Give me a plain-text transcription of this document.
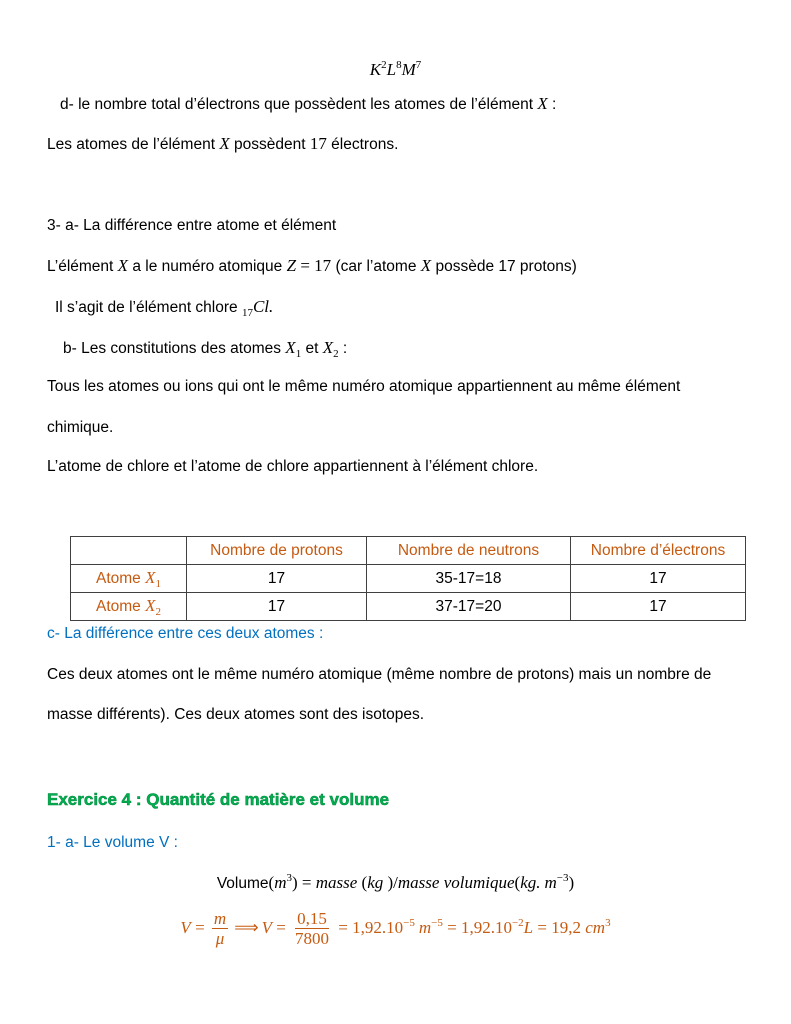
$K^2L^8M^7$
d- le nombre total d’électrons que possèdent les atomes de l’élément X :
Les atomes de l’élément X possèdent 17 électrons.
3- a- La différence entre atome et élément
L’élément X a le numéro atomique Z = 17 (car l’atome X possède 17 protons)
Il s’agit de l’élément chlore $_{17}$Cl.
b- Les constitutions des atomes $X_1$ et $X_2$ :
Tous les atomes ou ions qui ont le même numéro atomique appartiennent au même élément
chimique.
L’atome de chlore et l’atome de chlore appartiennent à l’élément chlore.
	Nombre de protons	Nombre de neutrons	Nombre d’électrons
Atome $X_1$	17	35-17=18	17
Atome $X_2$	17	37-17=20	17
c- La différence entre ces deux atomes :
Ces deux atomes ont le même numéro atomique (même nombre de protons) mais un nombre de
masse différents). Ces deux atomes sont des isotopes.
Exercice 4 : Quantité de matière et volume
1- a- Le volume V :
$Volume(m^3)$ = masse (kg )/masse volumique(kg. $m^{-3}$)
$V = \frac{m}{\mu}$ ⟹ $V = \frac{0,15}{7800} = 1,92.10^{-5}$ $m^{-5} = 1,92.10^{-2}L = 19,2$ $cm^3$
